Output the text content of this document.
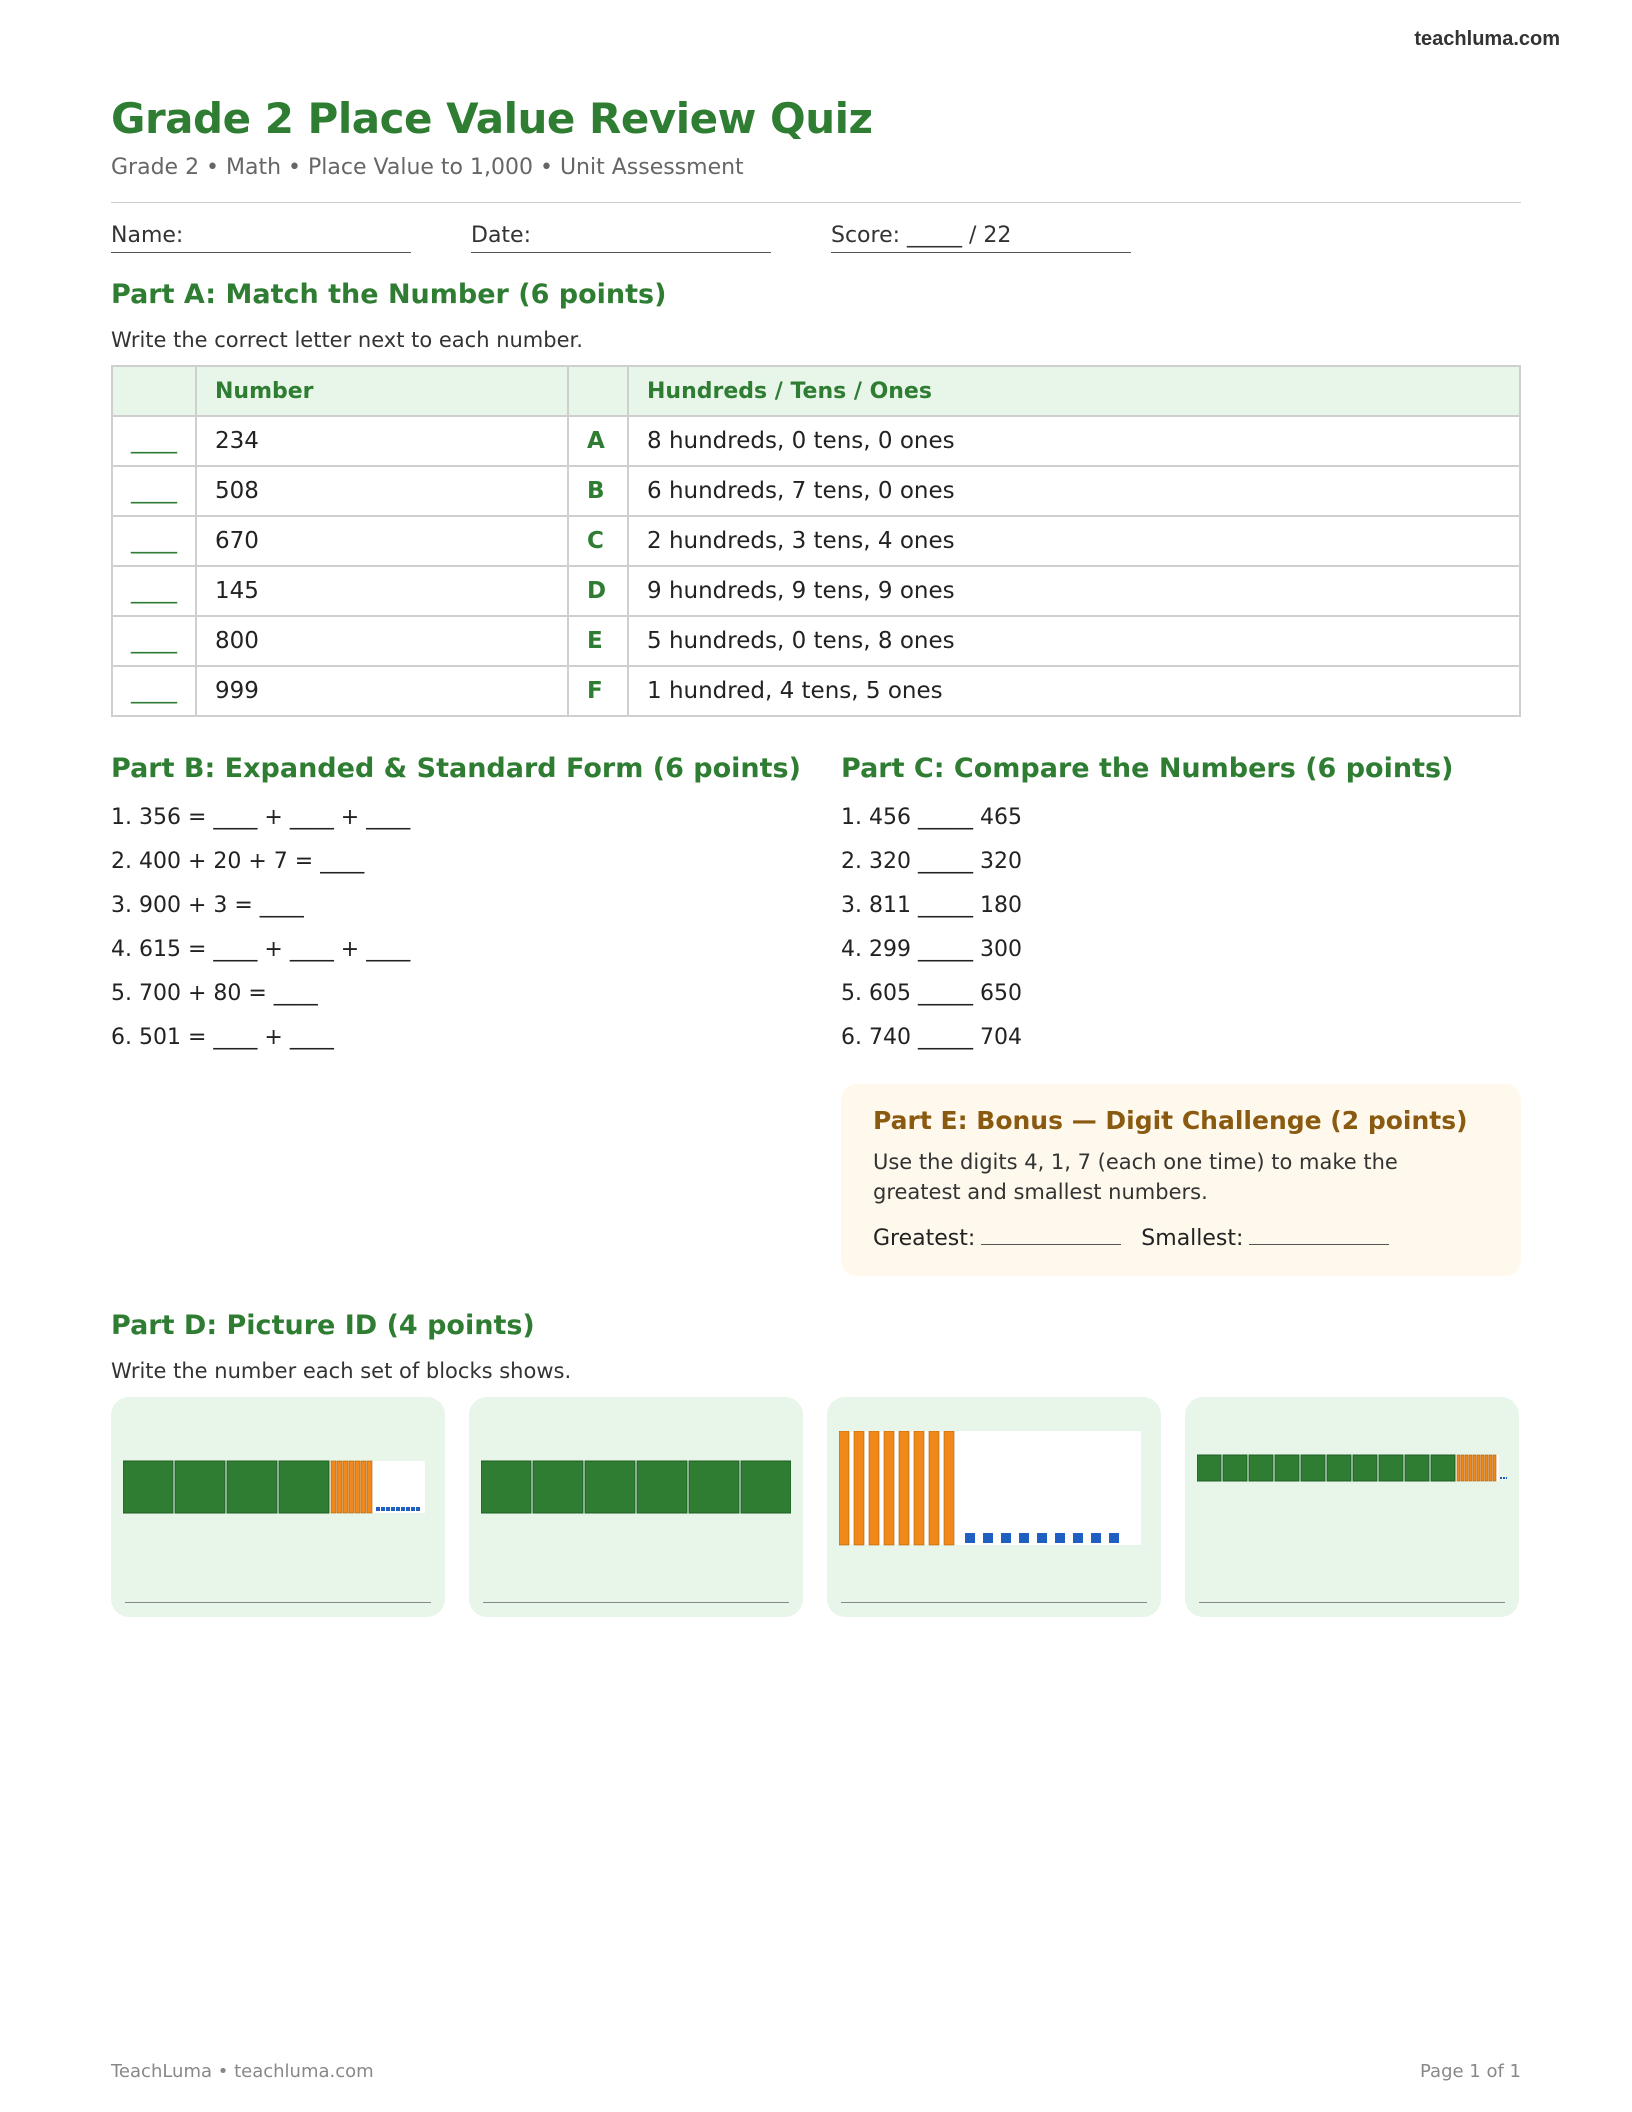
teachluma.com
Grade 2 Place Value Review Quiz
Grade 2 • Math • Place Value to 1,000 • Unit Assessment
Name:	Date:	Score: _____ / 22
Part A: Match the Number (6 points)
Write the correct letter next to each number.
	Number		Hundreds / Tens / Ones
____	234	A	8 hundreds, 0 tens, 0 ones
____	508	B	6 hundreds, 7 tens, 0 ones
____	670	C	2 hundreds, 3 tens, 4 ones
____	145	D	9 hundreds, 9 tens, 9 ones
____	800	E	5 hundreds, 0 tens, 8 ones
____	999	F	1 hundred, 4 tens, 5 ones
Part B: Expanded & Standard Form (6 points)
1. 356 = ____ + ____ + ____
2. 400 + 20 + 7 = ____
3. 900 + 3 = ____
4. 615 = ____ + ____ + ____
5. 700 + 80 = ____
6. 501 = ____ + ____
Part C: Compare the Numbers (6 points)
1. 456 _____ 465
2. 320 _____ 320
3. 811 _____ 180
4. 299 _____ 300
5. 605 _____ 650
6. 740 _____ 704
Part E: Bonus — Digit Challenge (2 points)
Use the digits 4, 1, 7 (each one time) to make the greatest and smallest numbers.
Greatest:	Smallest:
Part D: Picture ID (4 points)
Write the number each set of blocks shows.
TeachLuma • teachluma.com	Page 1 of 1
